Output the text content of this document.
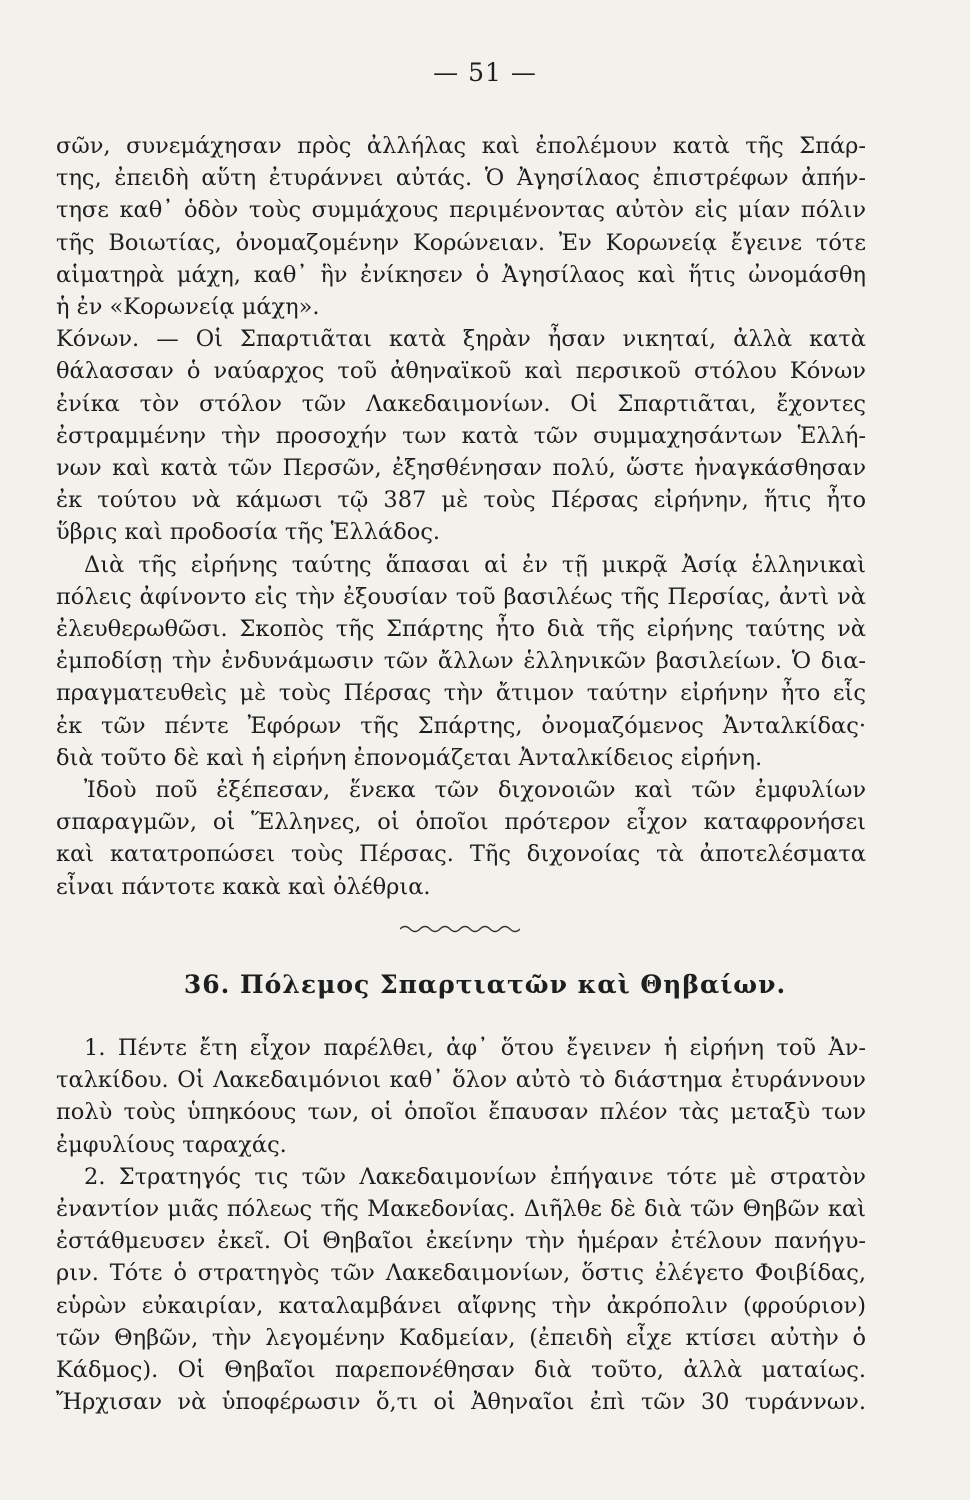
— 51 —
σῶν, συνεμάχησαν πρὸς ἀλλήλας καὶ ἐπολέμουν κατὰ τῆς Σπάρ-
της, ἐπειδὴ αὕτη ἐτυράννει αὐτάς. Ὁ Ἀγησίλαος ἐπιστρέφων ἀπήν-
τησε καθ᾿ ὁδὸν τοὺς συμμάχους περιμένοντας αὐτὸν εἰς μίαν πόλιν
τῆς Βοιωτίας, ὀνομαζομένην Κορώνειαν. Ἐν Κορωνείᾳ ἔγεινε τότε
αἱματηρὰ μάχη, καθ᾿ ἣν ἐνίκησεν ὁ Ἀγησίλαος καὶ ἥτις ὠνομάσθη
ἡ ἐν «Κορωνείᾳ μάχη».
Κόνων. — Οἱ Σπαρτιᾶται κατὰ ξηρὰν ἦσαν νικηταί, ἀλλὰ κατὰ
θάλασσαν ὁ ναύαρχος τοῦ ἀθηναϊκοῦ καὶ περσικοῦ στόλου Κόνων
ἐνίκα τὸν στόλον τῶν Λακεδαιμονίων. Οἱ Σπαρτιᾶται, ἔχοντες
ἐστραμμένην τὴν προσοχήν των κατὰ τῶν συμμαχησάντων Ἑλλή-
νων καὶ κατὰ τῶν Περσῶν, ἐξησθένησαν πολύ, ὥστε ἠναγκάσθησαν
ἐκ τούτου νὰ κάμωσι τῷ 387 μὲ τοὺς Πέρσας εἰρήνην, ἥτις ἦτο
ὕβρις καὶ προδοσία τῆς Ἑλλάδος.
Διὰ τῆς εἰρήνης ταύτης ἅπασαι αἱ ἐν τῇ μικρᾷ Ἀσίᾳ ἑλληνικαὶ
πόλεις ἀφίνοντο εἰς τὴν ἐξουσίαν τοῦ βασιλέως τῆς Περσίας, ἀντὶ νὰ
ἐλευθερωθῶσι. Σκοπὸς τῆς Σπάρτης ἦτο διὰ τῆς εἰρήνης ταύτης νὰ
ἐμποδίσῃ τὴν ἐνδυνάμωσιν τῶν ἄλλων ἑλληνικῶν βασιλείων. Ὁ δια-
πραγματευθεὶς μὲ τοὺς Πέρσας τὴν ἄτιμον ταύτην εἰρήνην ἦτο εἷς
ἐκ τῶν πέντε Ἐφόρων τῆς Σπάρτης, ὀνομαζόμενος Ἀνταλκίδας·
διὰ τοῦτο δὲ καὶ ἡ εἰρήνη ἐπονομάζεται Ἀνταλκίδειος εἰρήνη.
Ἰδοὺ ποῦ ἐξέπεσαν, ἕνεκα τῶν διχονοιῶν καὶ τῶν ἐμφυλίων
σπαραγμῶν, οἱ Ἕλληνες, οἱ ὁποῖοι πρότερον εἶχον καταφρονήσει
καὶ κατατροπώσει τοὺς Πέρσας. Τῆς διχονοίας τὰ ἀποτελέσματα
εἶναι πάντοτε κακὰ καὶ ὀλέθρια.
36. Πόλεμος Σπαρτιατῶν καὶ Θηβαίων.
1. Πέντε ἔτη εἶχον παρέλθει, ἀφ᾿ ὅτου ἔγεινεν ἡ εἰρήνη τοῦ Ἀν-
ταλκίδου. Οἱ Λακεδαιμόνιοι καθ᾿ ὅλον αὐτὸ τὸ διάστημα ἐτυράννουν
πολὺ τοὺς ὑπηκόους των, οἱ ὁποῖοι ἔπαυσαν πλέον τὰς μεταξὺ των
ἐμφυλίους ταραχάς.
2. Στρατηγός τις τῶν Λακεδαιμονίων ἐπήγαινε τότε μὲ στρατὸν
ἐναντίον μιᾶς πόλεως τῆς Μακεδονίας. Διῆλθε δὲ διὰ τῶν Θηβῶν καὶ
ἐστάθμευσεν ἐκεῖ. Οἱ Θηβαῖοι ἐκείνην τὴν ἡμέραν ἐτέλουν πανήγυ-
ριν. Τότε ὁ στρατηγὸς τῶν Λακεδαιμονίων, ὅστις ἐλέγετο Φοιβίδας,
εὑρὼν εὐκαιρίαν, καταλαμβάνει αἴφνης τὴν ἀκρόπολιν (φρούριον)
τῶν Θηβῶν, τὴν λεγομένην Καδμείαν, (ἐπειδὴ εἶχε κτίσει αὐτὴν ὁ
Κάδμος). Οἱ Θηβαῖοι παρεπονέθησαν διὰ τοῦτο, ἀλλὰ ματαίως.
Ἤρχισαν νὰ ὑποφέρωσιν ὅ,τι οἱ Ἀθηναῖοι ἐπὶ τῶν 30 τυράννων.
